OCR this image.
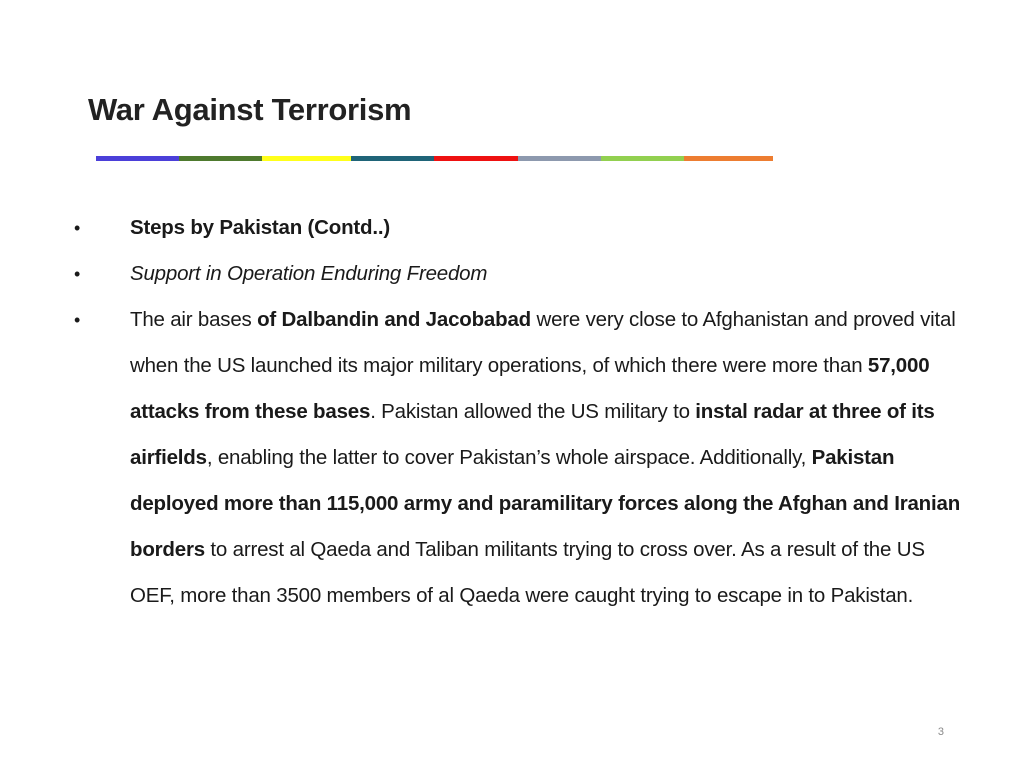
War Against Terrorism
•	Steps by Pakistan (Contd..)
•	Support in Operation Enduring Freedom
•	The air bases of Dalbandin and Jacobabad were very close to Afghanistan and proved vital when the US launched its major military operations, of which there were more than 57,000 attacks from these bases. Pakistan allowed the US military to instal radar at three of its airfields, enabling the latter to cover Pakistan’s whole airspace. Additionally, Pakistan deployed more than 115,000 army and paramilitary forces along the Afghan and Iranian borders to arrest al Qaeda and Taliban militants trying to cross over. As a result of the US OEF, more than 3500 members of al Qaeda were caught trying to escape in to Pakistan.
3
